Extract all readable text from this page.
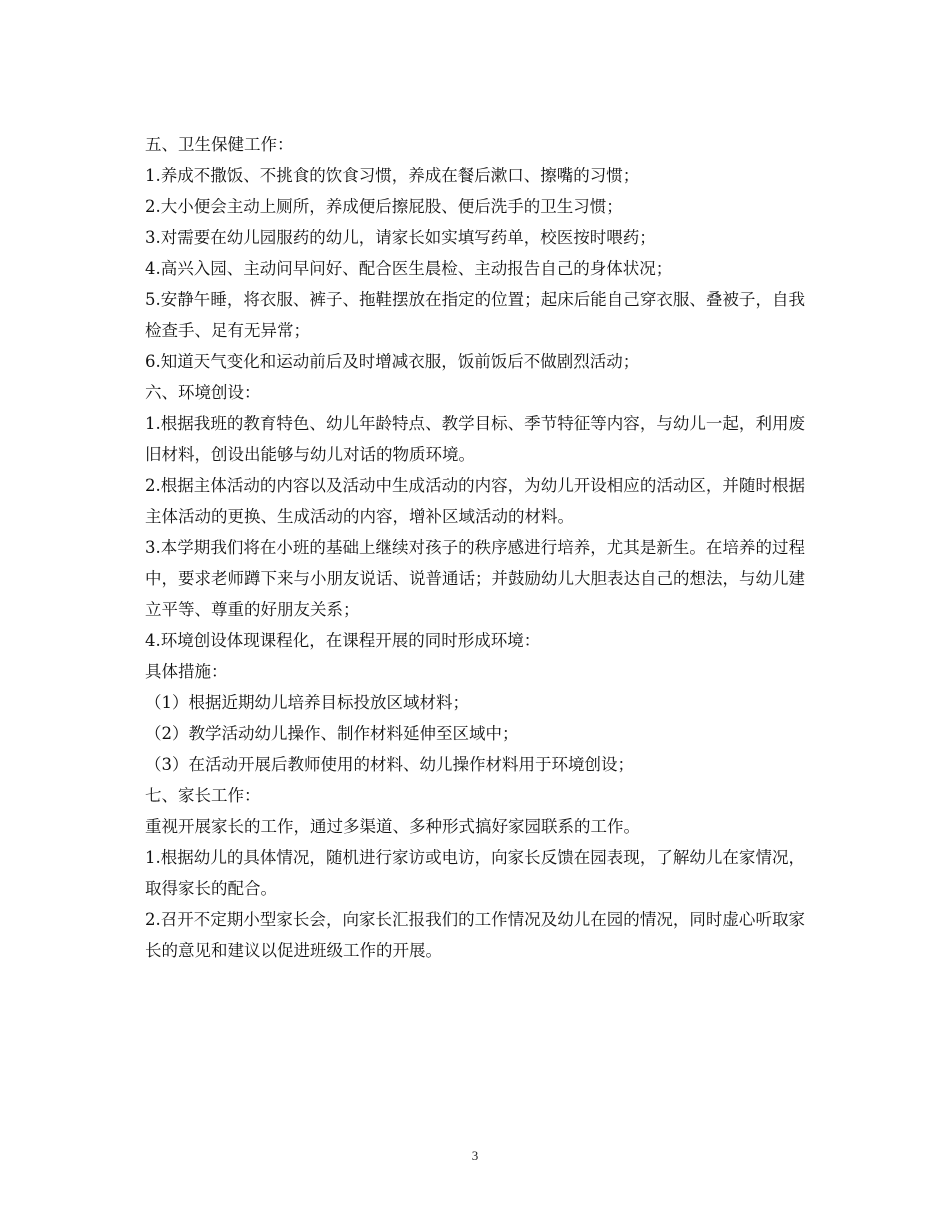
五、卫生保健工作：

1.养成不撒饭、不挑食的饮食习惯，养成在餐后漱口、擦嘴的习惯；

2.大小便会主动上厕所，养成便后擦屁股、便后洗手的卫生习惯；

3.对需要在幼儿园服药的幼儿，请家长如实填写药单，校医按时喂药；

4.高兴入园、主动问早问好、配合医生晨检、主动报告自己的身体状况；

5.安静午睡，将衣服、裤子、拖鞋摆放在指定的位置；起床后能自己穿衣服、叠被子，自我检查手、足有无异常；

6.知道天气变化和运动前后及时增减衣服，饭前饭后不做剧烈活动；

六、环境创设：

1.根据我班的教育特色、幼儿年龄特点、教学目标、季节特征等内容，与幼儿一起，利用废旧材料，创设出能够与幼儿对话的物质环境。

2.根据主体活动的内容以及活动中生成活动的内容，为幼儿开设相应的活动区，并随时根据主体活动的更换、生成活动的内容，增补区域活动的材料。

3.本学期我们将在小班的基础上继续对孩子的秩序感进行培养，尤其是新生。在培养的过程中，要求老师蹲下来与小朋友说话、说普通话；并鼓励幼儿大胆表达自己的想法，与幼儿建立平等、尊重的好朋友关系；

4.环境创设体现课程化，在课程开展的同时形成环境：

具体措施：

（1）根据近期幼儿培养目标投放区域材料；

（2）教学活动幼儿操作、制作材料延伸至区域中；

（3）在活动开展后教师使用的材料、幼儿操作材料用于环境创设；

七、家长工作：

重视开展家长的工作，通过多渠道、多种形式搞好家园联系的工作。

1.根据幼儿的具体情况，随机进行家访或电访，向家长反馈在园表现，了解幼儿在家情况，取得家长的配合。

2.召开不定期小型家长会，向家长汇报我们的工作情况及幼儿在园的情况，同时虚心听取家长的意见和建议以促进班级工作的开展。

3
